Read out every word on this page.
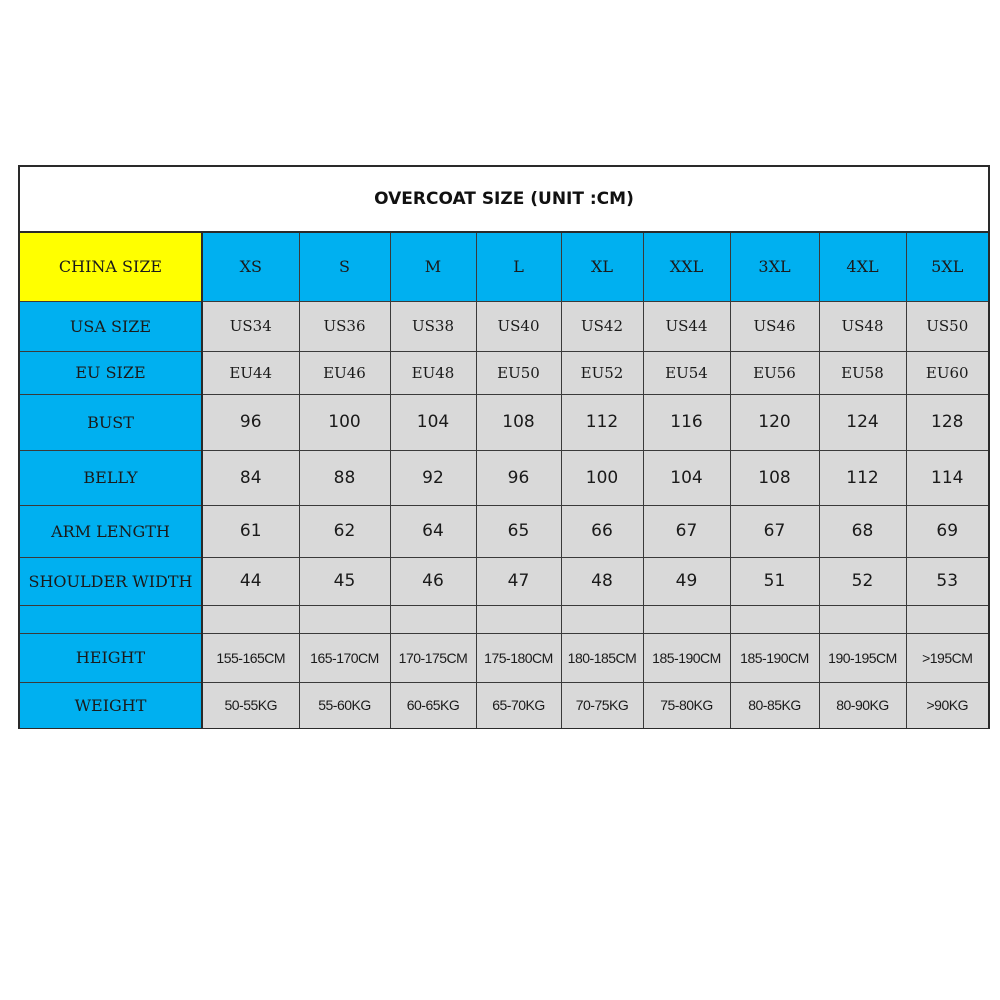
OVERCOAT SIZE (UNIT :CM)
CHINA SIZE	XS	S	M	L	XL	XXL	3XL	4XL	5XL
USA SIZE	US34	US36	US38	US40	US42	US44	US46	US48	US50
EU SIZE	EU44	EU46	EU48	EU50	EU52	EU54	EU56	EU58	EU60
BUST	96	100	104	108	112	116	120	124	128
BELLY	84	88	92	96	100	104	108	112	114
ARM LENGTH	61	62	64	65	66	67	67	68	69
SHOULDER WIDTH	44	45	46	47	48	49	51	52	53

HEIGHT	155-165CM	165-170CM	170-175CM	175-180CM	180-185CM	185-190CM	185-190CM	190-195CM	>195CM
WEIGHT	50-55KG	55-60KG	60-65KG	65-70KG	70-75KG	75-80KG	80-85KG	80-90KG	>90KG
